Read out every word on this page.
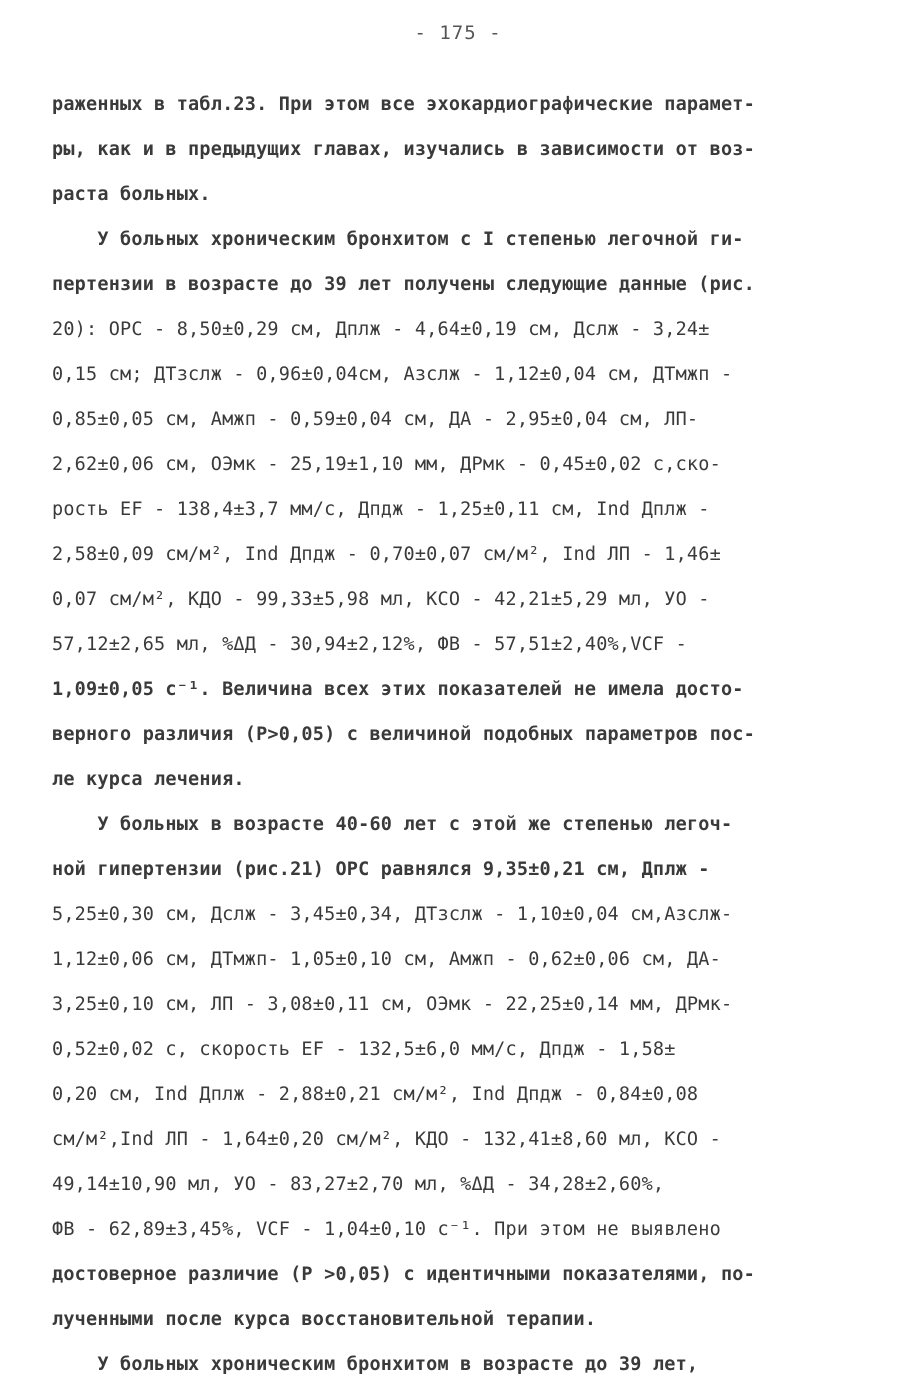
- 175 -
раженных в табл.23. При этом все эхокардиографические парамет-
ры, как и в предыдущих главах, изучались в зависимости от воз-
раста больных.
У больных хроническим бронхитом с I степенью легочной ги-
пертензии в возрасте до 39 лет получены следующие данные (рис.
20): ОРС - 8,50±0,29 см, Дплж - 4,64±0,19 см, Дслж - 3,24±
0,15 см; ДТзслж - 0,96±0,04см, Азслж - 1,12±0,04 см, ДТмжп -
0,85±0,05 см, Амжп - 0,59±0,04 см, ДА - 2,95±0,04 см, ЛП-
2,62±0,06 см, ОЭмк - 25,19±1,10 мм, ДРмк - 0,45±0,02 с,ско-
рость EF - 138,4±3,7 мм/с, Дпдж - 1,25±0,11 см, Ind Дплж -
2,58±0,09 см/м², Ind Дпдж - 0,70±0,07 см/м², Ind ЛП - 1,46±
0,07 см/м², КДО - 99,33±5,98 мл, КСО - 42,21±5,29 мл, УО -
57,12±2,65 мл, %ΔД - 30,94±2,12%, ФВ - 57,51±2,40%,VCF -
1,09±0,05 с⁻¹. Величина всех этих показателей не имела досто-
верного различия (Р>0,05) с величиной подобных параметров пос-
ле курса лечения.
У больных в возрасте 40-60 лет с этой же степенью легоч-
ной гипертензии (рис.21) ОРС равнялся 9,35±0,21 см, Дплж -
5,25±0,30 см, Дслж - 3,45±0,34, ДТзслж - 1,10±0,04 см,Азслж-
1,12±0,06 см, ДТмжп- 1,05±0,10 см, Амжп - 0,62±0,06 см, ДА-
3,25±0,10 см, ЛП - 3,08±0,11 см, ОЭмк - 22,25±0,14 мм, ДРмк-
0,52±0,02 с, скорость EF - 132,5±6,0 мм/с, Дпдж - 1,58±
0,20 см, Ind Дплж - 2,88±0,21 см/м², Ind Дпдж - 0,84±0,08
см/м²,Ind ЛП - 1,64±0,20 см/м², КДО - 132,41±8,60 мл, КСО -
49,14±10,90 мл, УО - 83,27±2,70 мл, %ΔД - 34,28±2,60%,
ФВ - 62,89±3,45%, VCF - 1,04±0,10 с⁻¹. При этом не выявлено
достоверное различие (Р >0,05) с идентичными показателями, по-
лученными после курса восстановительной терапии.
У больных хроническим бронхитом в возрасте до 39 лет,
